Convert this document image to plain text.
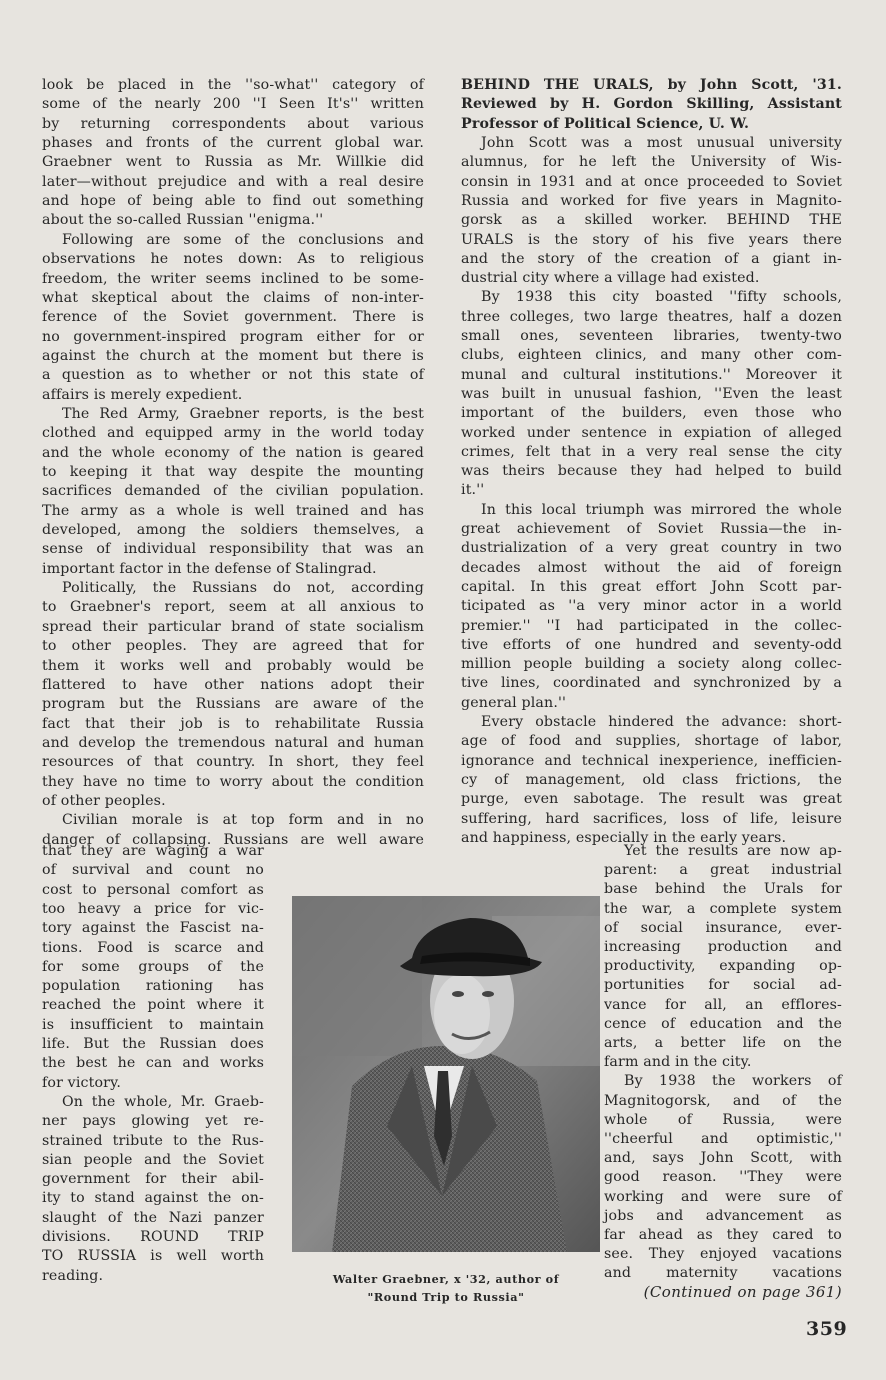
look be placed in the ''so-what'' category of
some of the nearly 200 ''I Seen It's'' written
by returning correspondents about various
phases and fronts of the current global war.
Graebner went to Russia as Mr. Willkie did
later—without prejudice and with a real desire
and hope of being able to find out something
about the so-called Russian ''enigma.''
Following are some of the conclusions and
observations he notes down: As to religious
freedom, the writer seems inclined to be some-
what skeptical about the claims of non-inter-
ference of the Soviet government. There is
no government-inspired program either for or
against the church at the moment but there is
a question as to whether or not this state of
affairs is merely expedient.
The Red Army, Graebner reports, is the best
clothed and equipped army in the world today
and the whole economy of the nation is geared
to keeping it that way despite the mounting
sacrifices demanded of the civilian population.
The army as a whole is well trained and has
developed, among the soldiers themselves, a
sense of individual responsibility that was an
important factor in the defense of Stalingrad.
Politically, the Russians do not, according
to Graebner's report, seem at all anxious to
spread their particular brand of state socialism
to other peoples. They are agreed that for
them it works well and probably would be
flattered to have other nations adopt their
program but the Russians are aware of the
fact that their job is to rehabilitate Russia
and develop the tremendous natural and human
resources of that country. In short, they feel
they have no time to worry about the condition
of other peoples.
Civilian morale is at top form and in no
danger of collapsing. Russians are well aware
that they are waging a war
of survival and count no
cost to personal comfort as
too heavy a price for vic-
tory against the Fascist na-
tions. Food is scarce and
for some groups of the
population rationing has
reached the point where it
is insufficient to maintain
life. But the Russian does
the best he can and works
for victory.
On the whole, Mr. Graeb-
ner pays glowing yet re-
strained tribute to the Rus-
sian people and the Soviet
government for their abil-
ity to stand against the on-
slaught of the Nazi panzer
divisions. ROUND TRIP
TO RUSSIA is well worth
reading.
BEHIND THE URALS, by John Scott, '31.
Reviewed by H. Gordon Skilling, Assistant
Professor of Political Science, U. W.
John Scott was a most unusual university
alumnus, for he left the University of Wis-
consin in 1931 and at once proceeded to Soviet
Russia and worked for five years in Magnito-
gorsk as a skilled worker. BEHIND THE
URALS is the story of his five years there
and the story of the creation of a giant in-
dustrial city where a village had existed.
By 1938 this city boasted ''fifty schools,
three colleges, two large theatres, half a dozen
small ones, seventeen libraries, twenty-two
clubs, eighteen clinics, and many other com-
munal and cultural institutions.'' Moreover it
was built in unusual fashion, ''Even the least
important of the builders, even those who
worked under sentence in expiation of alleged
crimes, felt that in a very real sense the city
was theirs because they had helped to build
it.''
In this local triumph was mirrored the whole
great achievement of Soviet Russia—the in-
dustrialization of a very great country in two
decades almost without the aid of foreign
capital. In this great effort John Scott par-
ticipated as ''a very minor actor in a world
premier.'' ''I had participated in the collec-
tive efforts of one hundred and seventy-odd
million people building a society along collec-
tive lines, coordinated and synchronized by a
general plan.''
Every obstacle hindered the advance: short-
age of food and supplies, shortage of labor,
ignorance and technical inexperience, inefficien-
cy of management, old class frictions, the
purge, even sabotage. The result was great
suffering, hard sacrifices, loss of life, leisure
and happiness, especially in the early years.
Yet the results are now ap-
parent: a great industrial
base behind the Urals for
the war, a complete system
of social insurance, ever-
increasing production and
productivity, expanding op-
portunities for social ad-
vance for all, an efflores-
cence of education and the
arts, a better life on the
farm and in the city.
By 1938 the workers of
Magnitogorsk, and of the
whole of Russia, were
''cheerful and optimistic,''
and, says John Scott, with
good reason. ''They were
working and were sure of
jobs and advancement as
far ahead as they cared to
see. They enjoyed vacations
and maternity vacations
(Continued on page 361)
Walter Graebner, x '32, author of
"Round Trip to Russia"
359
